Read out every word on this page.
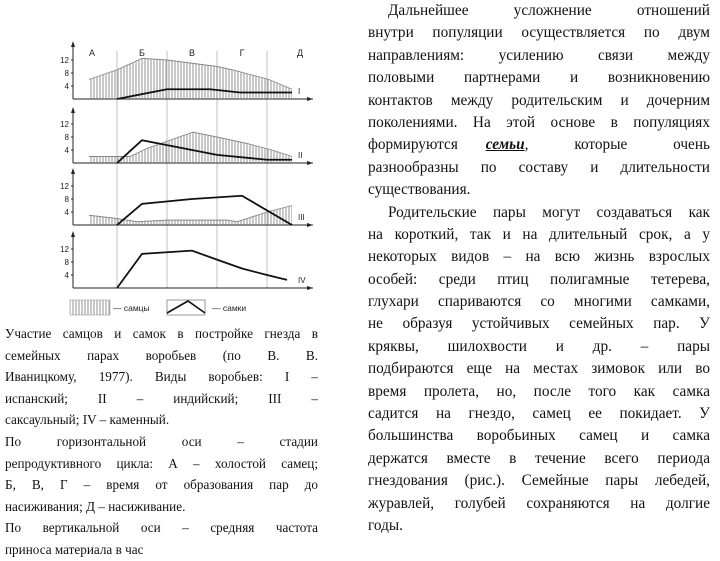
А	Б	В	Г	Д
4
8
12
I
4
8
12
II
4
8
12
III
4
8
12
IV
— самцы	— самки
Участие самцов и самок в постройке гнезда в
семейных парах воробьев (по В. В.
Иваницкому, 1977). Виды воробьев: I –
испанский; II – индийский; III –
саксаульный; IV – каменный.
По горизонтальной оси – стадии
репродуктивного цикла: А – холостой самец;
Б, В, Г – время от образования пар до
насиживания; Д – насиживание.
По вертикальной оси – средняя частота
приноса материала в час
Дальнейшее усложнение отношений
внутри популяции осуществляется по двум
направлениям: усилению связи между
половыми партнерами и возникновению
контактов между родительским и дочерним
поколениями. На этой основе в популяциях
формируются семьи, которые очень
разнообразны по составу и длительности
существования.
Родительские пары могут создаваться как
на короткий, так и на длительный срок, а у
некоторых видов – на всю жизнь взрослых
особей: среди птиц полигамные тетерева,
глухари спариваются со многими самками,
не образуя устойчивых семейных пар. У
кряквы, шилохвости и др. – пары
подбираются еще на местах зимовок или во
время пролета, но, после того как самка
садится на гнездо, самец ее покидает. У
большинства воробьиных самец и самка
держатся вместе в течение всего периода
гнездования (рис.). Семейные пары лебедей,
журавлей, голубей сохраняются на долгие
годы.
